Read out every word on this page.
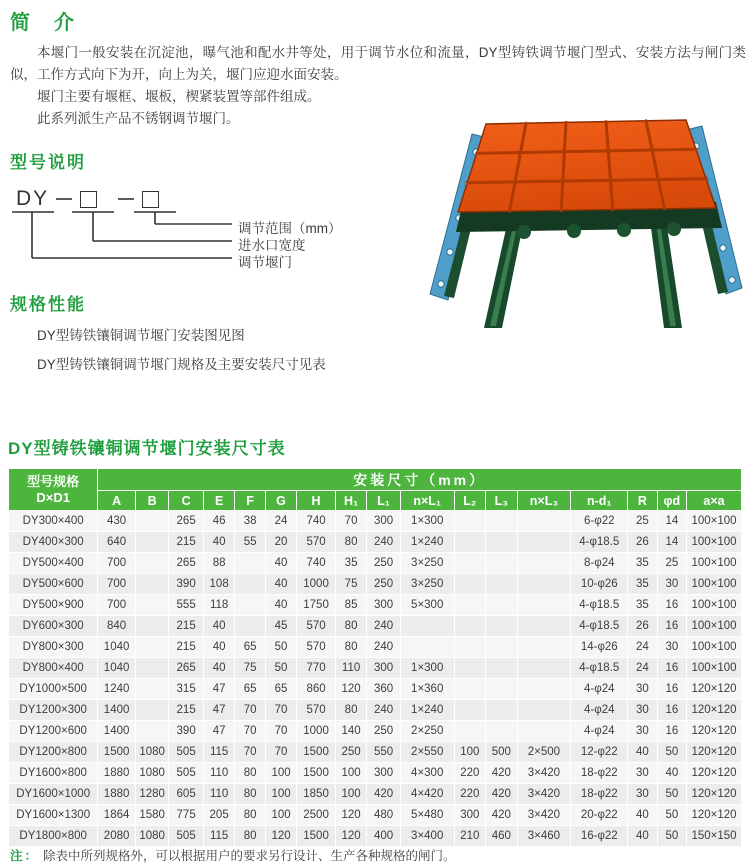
简　介

本堰门一般安装在沉淀池，曝气池和配水井等处，用于调节水位和流量，DY型铸铁调节堰门型式、安装方法与闸门类似，工作方式向下为开，向上为关，堰门应迎水面安装。

堰门主要有堰框、堰板，楔紧装置等部件组成。

此系列派生产品不锈钢调节堰门。

型号说明
DY
调节范围（mm）
进水口宽度
调节堰门
规格性能

DY型铸铁镶铜调节堰门安装图见图

DY型铸铁镶铜调节堰门规格及主要安装尺寸见表

DY型铸铁镶铜调节堰门安装尺寸表
型号规格
D×D1	安装尺寸（mm）																
	A	B	C	E	F	G	H	H₁	L₁	n×L₁	L₂	L₃	n×L₃	n-d₁	R	φd	a×a
DY300×400	430		265	46	38	24	740	70	300	1×300				6-φ22	25	14	100×100
DY400×300	640		215	40	55	20	570	80	240	1×240				4-φ18.5	26	14	100×100
DY500×400	700		265	88		40	740	35	250	3×250				8-φ24	35	25	100×100
DY500×600	700		390	108		40	1000	75	250	3×250				10-φ26	35	30	100×100
DY500×900	700		555	118		40	1750	85	300	5×300				4-φ18.5	35	16	100×100
DY600×300	840		215	40		45	570	80	240					4-φ18.5	26	16	100×100
DY800×300	1040		215	40	65	50	570	80	240					14-φ26	24	30	100×100
DY800×400	1040		265	40	75	50	770	110	300	1×300				4-φ18.5	24	16	100×100
DY1000×500	1240		315	47	65	65	860	120	360	1×360				4-φ24	30	16	120×120
DY1200×300	1400		215	47	70	70	570	80	240	1×240				4-φ24	30	16	120×120
DY1200×600	1400		390	47	70	70	1000	140	250	2×250				4-φ24	30	16	120×120
DY1200×800	1500	1080	505	115	70	70	1500	250	550	2×550	100	500	2×500	12-φ22	40	50	120×120
DY1600×800	1880	1080	505	110	80	100	1500	100	300	4×300	220	420	3×420	18-φ22	30	40	120×120
DY1600×1000	1880	1280	605	110	80	100	1850	100	420	4×420	220	420	3×420	18-φ22	30	50	120×120
DY1600×1300	1864	1580	775	205	80	100	2500	120	480	5×480	300	420	3×420	20-φ22	40	50	120×120
DY1800×800	2080	1080	505	115	80	120	1500	120	400	3×400	210	460	3×460	16-φ22	40	50	150×150
注： 除表中所列规格外，可以根据用户的要求另行设计、生产各种规格的闸门。
